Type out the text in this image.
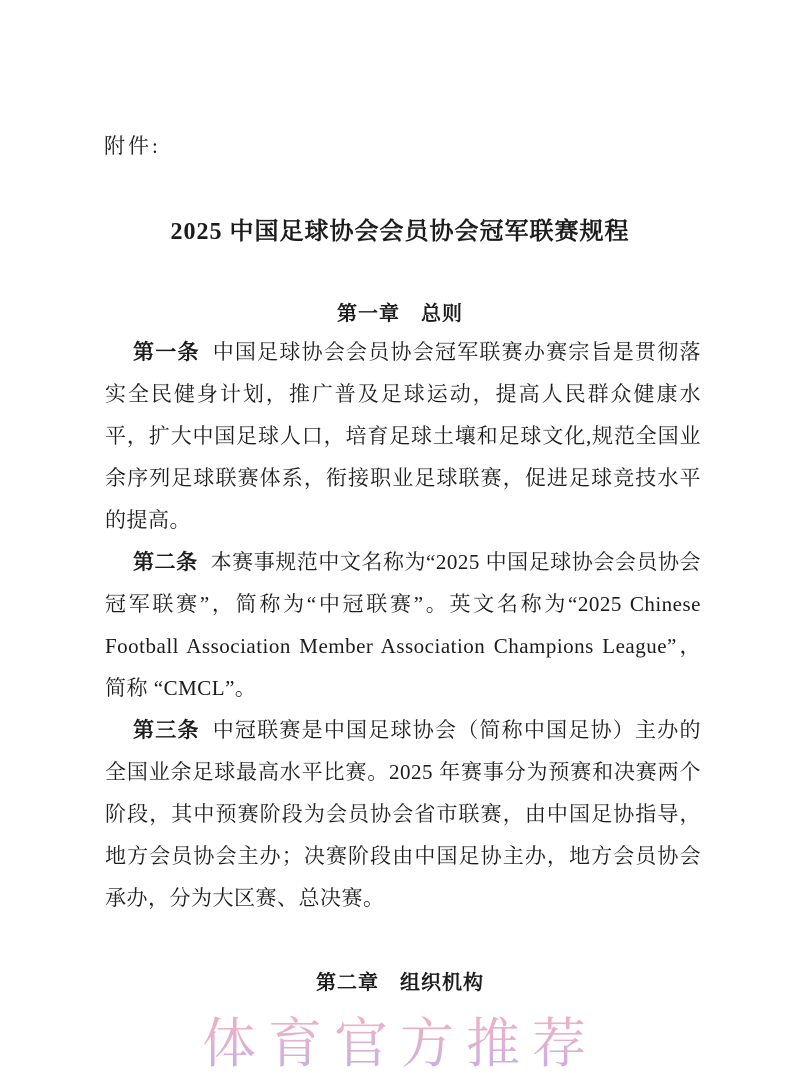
附件:
2025 中国足球协会会员协会冠军联赛规程
第一章　总则

第一条 中国足球协会会员协会冠军联赛办赛宗旨是贯彻落实全民健身计划，推广普及足球运动，提高人民群众健康水平，扩大中国足球人口，培育足球土壤和足球文化,规范全国业余序列足球联赛体系，衔接职业足球联赛，促进足球竞技水平的提高。

第二条 本赛事规范中文名称为“2025 中国足球协会会员协会冠军联赛”，简称为“中冠联赛”。英文名称为“2025 Chinese Football Association Member Association Champions League”，简称 “CMCL”。

第三条 中冠联赛是中国足球协会（简称中国足协）主办的全国业余足球最高水平比赛。2025 年赛事分为预赛和决赛两个阶段，其中预赛阶段为会员协会省市联赛，由中国足协指导，地方会员协会主办；决赛阶段由中国足协主办，地方会员协会承办，分为大区赛、总决赛。

第二章　组织机构
体育官方推荐
